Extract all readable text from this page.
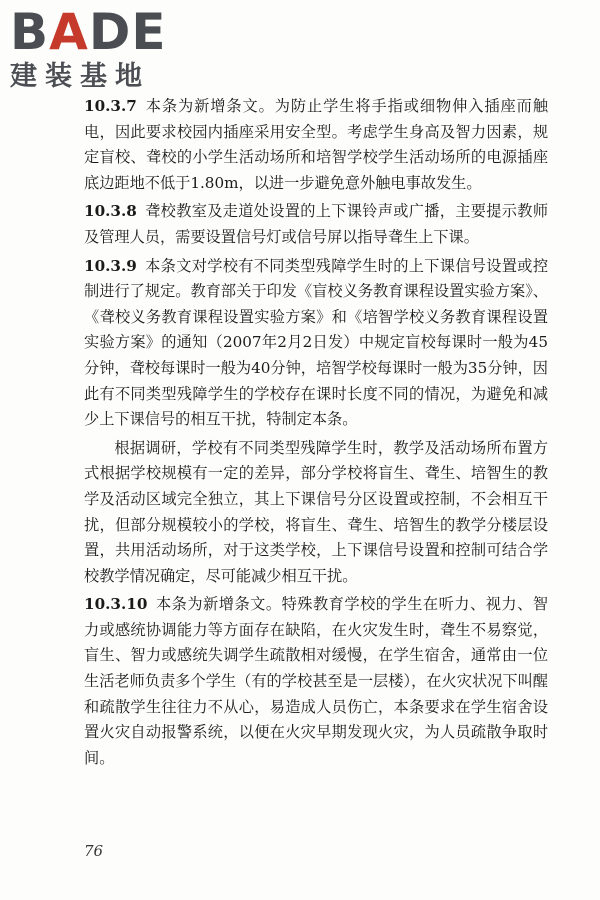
B A DE
建装基地

10.3.7 本条为新增条文。为防止学生将手指或细物伸入插座而触电，因此要求校园内插座采用安全型。考虑学生身高及智力因素，规定盲校、聋校的小学生活动场所和培智学校学生活动场所的电源插座底边距地不低于1.80m，以进一步避免意外触电事故发生。

10.3.8 聋校教室及走道处设置的上下课铃声或广播，主要提示教师及管理人员，需要设置信号灯或信号屏以指导聋生上下课。

10.3.9 本条文对学校有不同类型残障学生时的上下课信号设置或控制进行了规定。教育部关于印发《盲校义务教育课程设置实验方案》、《聋校义务教育课程设置实验方案》和《培智学校义务教育课程设置实验方案》的通知（2007年2月2日发）中规定盲校每课时一般为45分钟，聋校每课时一般为40分钟，培智学校每课时一般为35分钟，因此有不同类型残障学生的学校存在课时长度不同的情况，为避免和减少上下课信号的相互干扰，特制定本条。

根据调研，学校有不同类型残障学生时，教学及活动场所布置方式根据学校规模有一定的差异，部分学校将盲生、聋生、培智生的教学及活动区域完全独立，其上下课信号分区设置或控制，不会相互干扰，但部分规模较小的学校，将盲生、聋生、培智生的教学分楼层设置，共用活动场所，对于这类学校，上下课信号设置和控制可结合学校教学情况确定，尽可能减少相互干扰。

10.3.10 本条为新增条文。特殊教育学校的学生在听力、视力、智力或感统协调能力等方面存在缺陷，在火灾发生时，聋生不易察觉，盲生、智力或感统失调学生疏散相对缓慢，在学生宿舍，通常由一位生活老师负责多个学生（有的学校甚至是一层楼），在火灾状况下叫醒和疏散学生往往力不从心，易造成人员伤亡，本条要求在学生宿舍设置火灾自动报警系统，以便在火灾早期发现火灾，为人员疏散争取时间。

76
